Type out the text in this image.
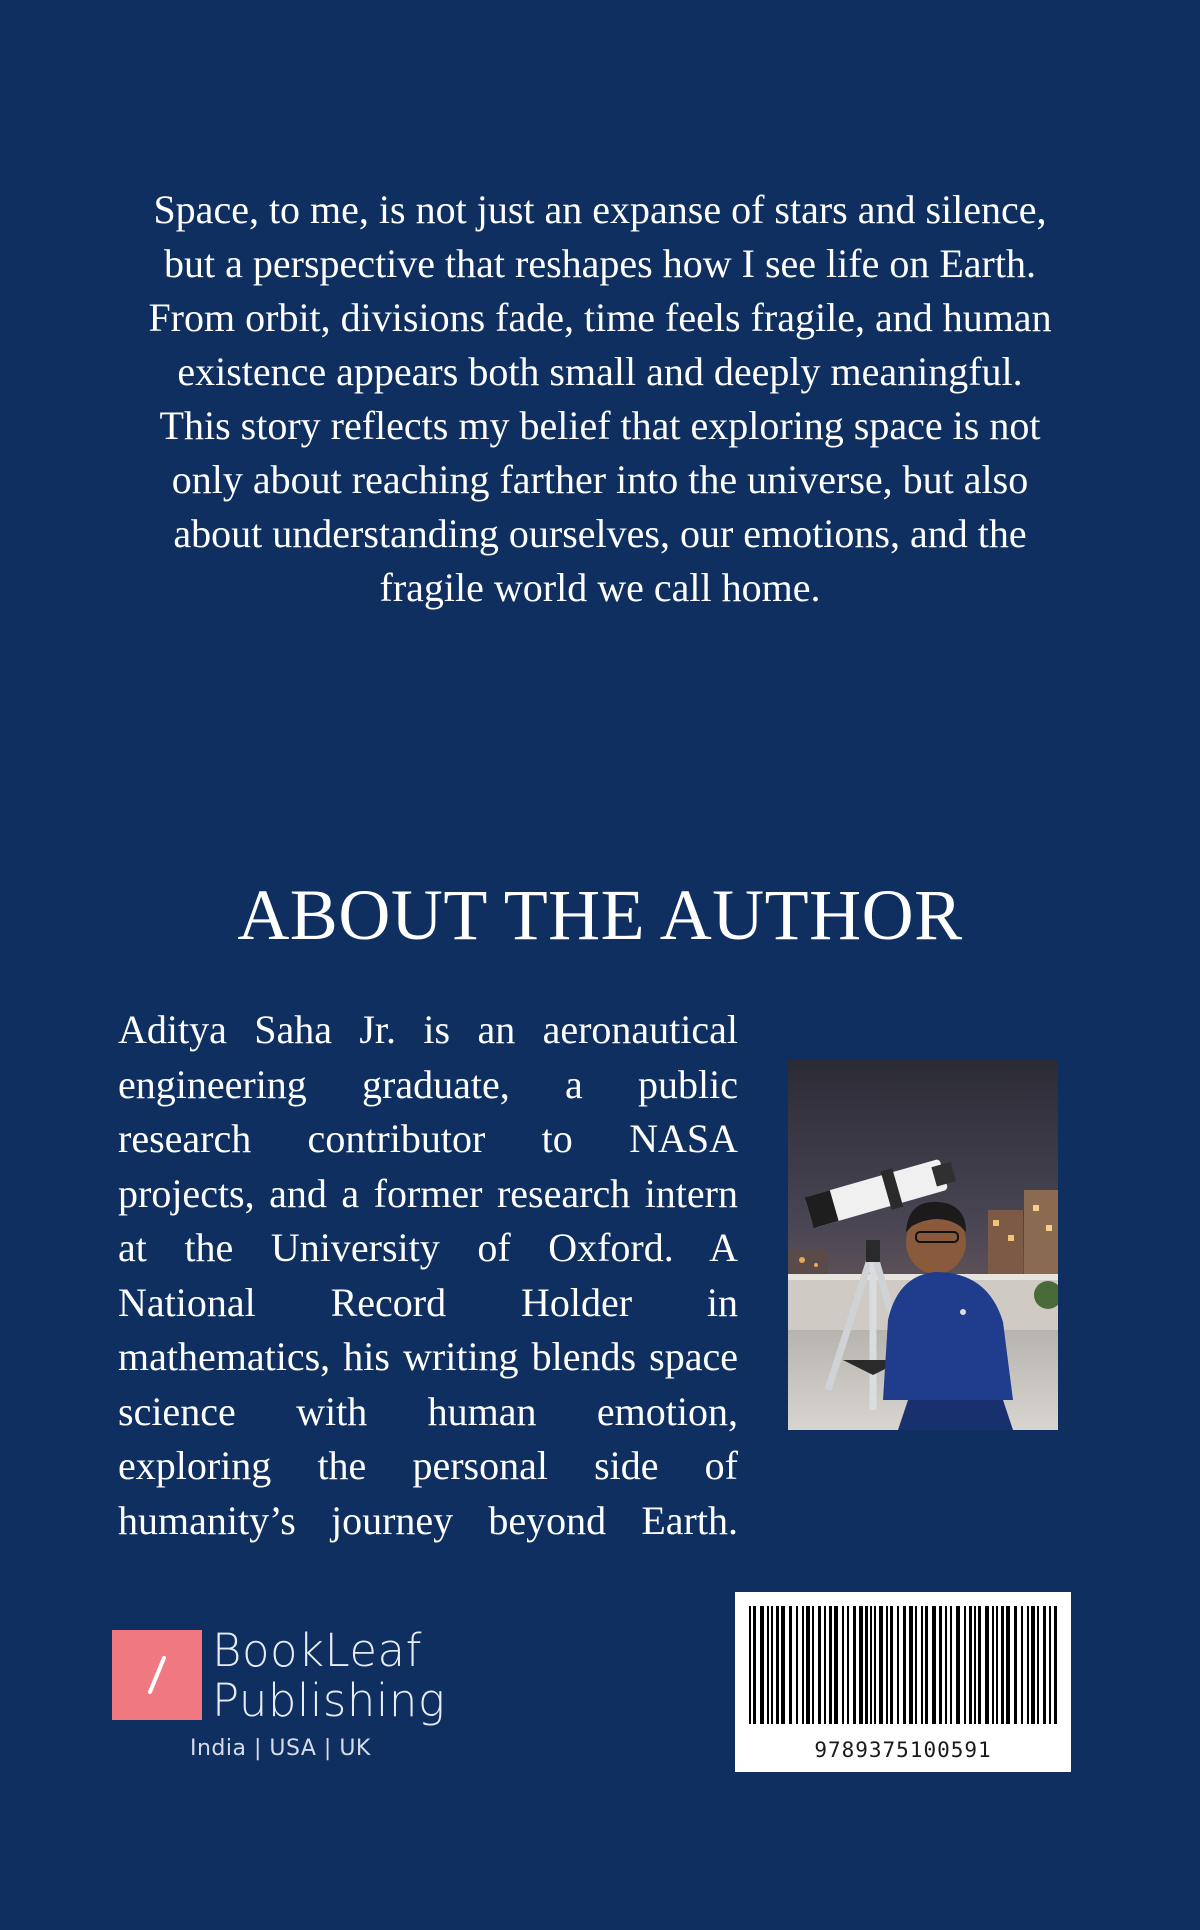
Space, to me, is not just an expanse of stars and silence,
but a perspective that reshapes how I see life on Earth.
From orbit, divisions fade, time feels fragile, and human
existence appears both small and deeply meaningful.
This story reflects my belief that exploring space is not
only about reaching farther into the universe, but also
about understanding ourselves, our emotions, and the
fragile world we call home.

ABOUT THE AUTHOR

Aditya Saha Jr. is an aeronautical engineering graduate, a public research contributor to NASA projects, and a former research intern at the University of Oxford. A National Record Holder in mathematics, his writing blends space science with human emotion, exploring the personal side of humanity’s journey beyond Earth.

BookLeaf
Publishing
India | USA | UK	9789375100591
